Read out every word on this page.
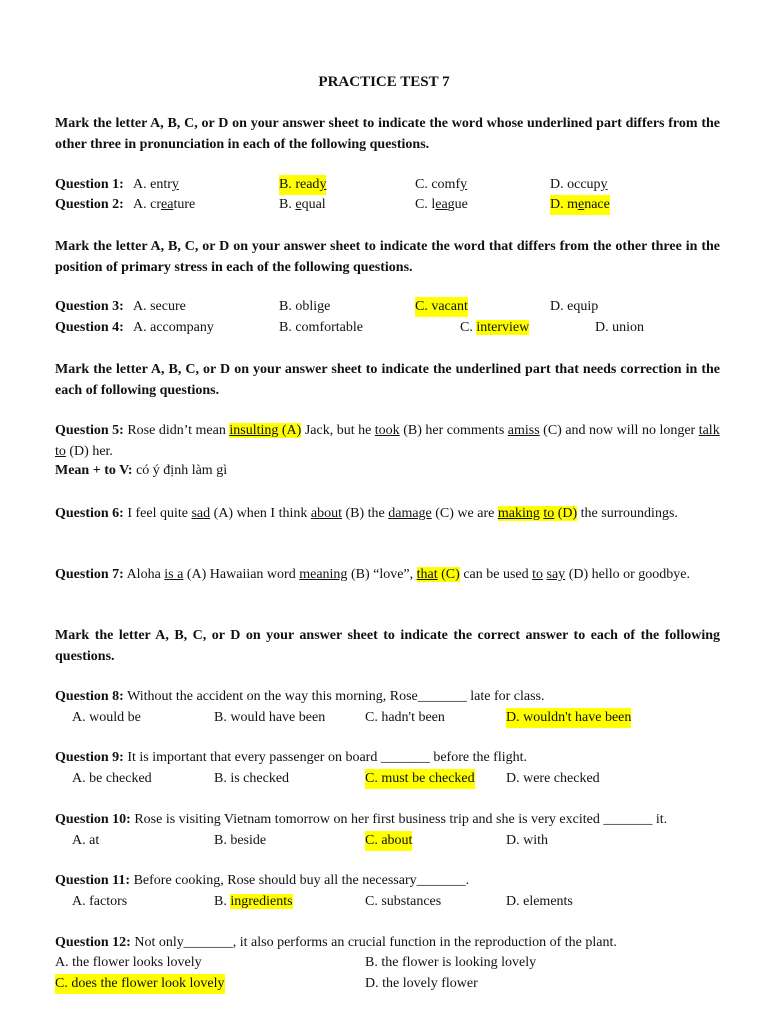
PRACTICE TEST 7
Mark the letter A, B, C, or D on your answer sheet to indicate the word whose underlined part differs from the other three in pronunciation in each of the following questions.
Question 1: A. entry	B. ready	C. comfy	D. occupy
Question 2: A. creature	B. equal	C. league	D. menace
Mark the letter A, B, C, or D on your answer sheet to indicate the word that differs from the other three in the position of primary stress in each of the following questions.
Question 3: A. secure	B. oblige	C. vacant	D. equip
Question 4: A. accompany	B. comfortable	C. interview	D. union
Mark the letter A, B, C, or D on your answer sheet to indicate the underlined part that needs correction in the each of following questions.
Question 5: Rose didn’t mean insulting (A) Jack, but he took (B) her comments amiss (C) and now will no longer talk to (D) her.
Mean + to V: có ý định làm gì
Question 6: I feel quite sad (A) when I think about (B) the damage (C) we are making to (D) the surroundings.
Question 7: Aloha is a (A) Hawaiian word meaning (B) “love”, that (C) can be used to say (D) hello or goodbye.
Mark the letter A, B, C, or D on your answer sheet to indicate the correct answer to each of the following questions.
Question 8: Without the accident on the way this morning, Rose_______ late for class.
A. would be	B. would have been	C. hadn't been	D. wouldn't have been
Question 9: It is important that every passenger on board _______ before the flight.
A. be checked	B. is checked	C. must be checked D. were checked
Question 10: Rose is visiting Vietnam tomorrow on her first business trip and she is very excited _______ it.
A. at	B. beside	C. about	D. with
Question 11: Before cooking, Rose should buy all the necessary_______.
A. factors	B. ingredients	C. substances	D. elements
Question 12: Not only_______, it also performs an crucial function in the reproduction of the plant.
A. the flower looks lovely	B. the flower is looking lovely
C. does the flower look lovely	D. the lovely flower
